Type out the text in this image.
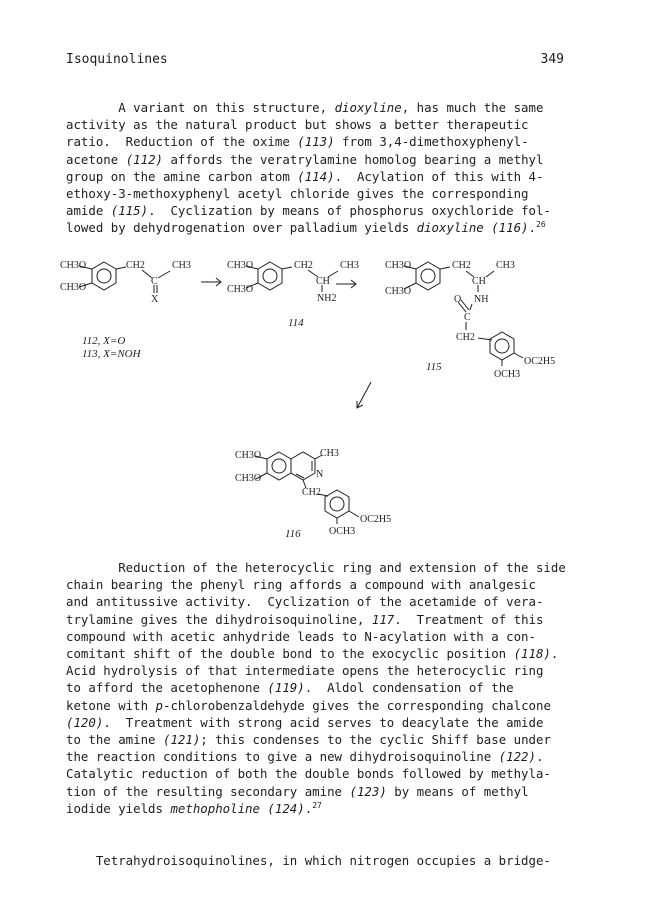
Isoquinolines	349

A variant on this structure, dioxyline, has much the same
activity as the natural product but shows a better therapeutic
ratio.  Reduction of the oxime (113) from 3,4-dimethoxyphenyl-
acetone (112) affords the veratrylamine homolog bearing a methyl
group on the amine carbon atom (114).  Acylation of this with 4-
ethoxy-3-methoxyphenyl acetyl chloride gives the corresponding
amide (115).  Cyclization by means of phosphorus oxychloride fol-
lowed by dehydrogenation over palladium yields dioxyline (116).$^{26}$

CH3O
CH3O
CH2	CH3
C
X
112, X=O
113, X=NOH
CH3O
CH3O
CH2	CH3
CH
NH2
114
CH3O
CH3O
CH2	CH3
CH
O NH
C
CH2
OC2H5
OCH3
115
CH3O
CH3O
CH3
N
CH2
OC2H5
OCH3
116

Reduction of the heterocyclic ring and extension of the side
chain bearing the phenyl ring affords a compound with analgesic
and antitussive activity.  Cyclization of the acetamide of vera-
trylamine gives the dihydroisoquinoline, 117.  Treatment of this
compound with acetic anhydride leads to N-acylation with a con-
comitant shift of the double bond to the exocyclic position (118).
Acid hydrolysis of that intermediate opens the heterocyclic ring
to afford the acetophenone (119).  Aldol condensation of the
ketone with p-chlorobenzaldehyde gives the corresponding chalcone
(120).  Treatment with strong acid serves to deacylate the amide
to the amine (121); this condenses to the cyclic Shiff base under
the reaction conditions to give a new dihydroisoquinoline (122).
Catalytic reduction of both the double bonds followed by methyla-
tion of the resulting secondary amine (123) by means of methyl
iodide yields methopholine (124).$^{27}$

Tetrahydroisoquinolines, in which nitrogen occupies a bridge-
